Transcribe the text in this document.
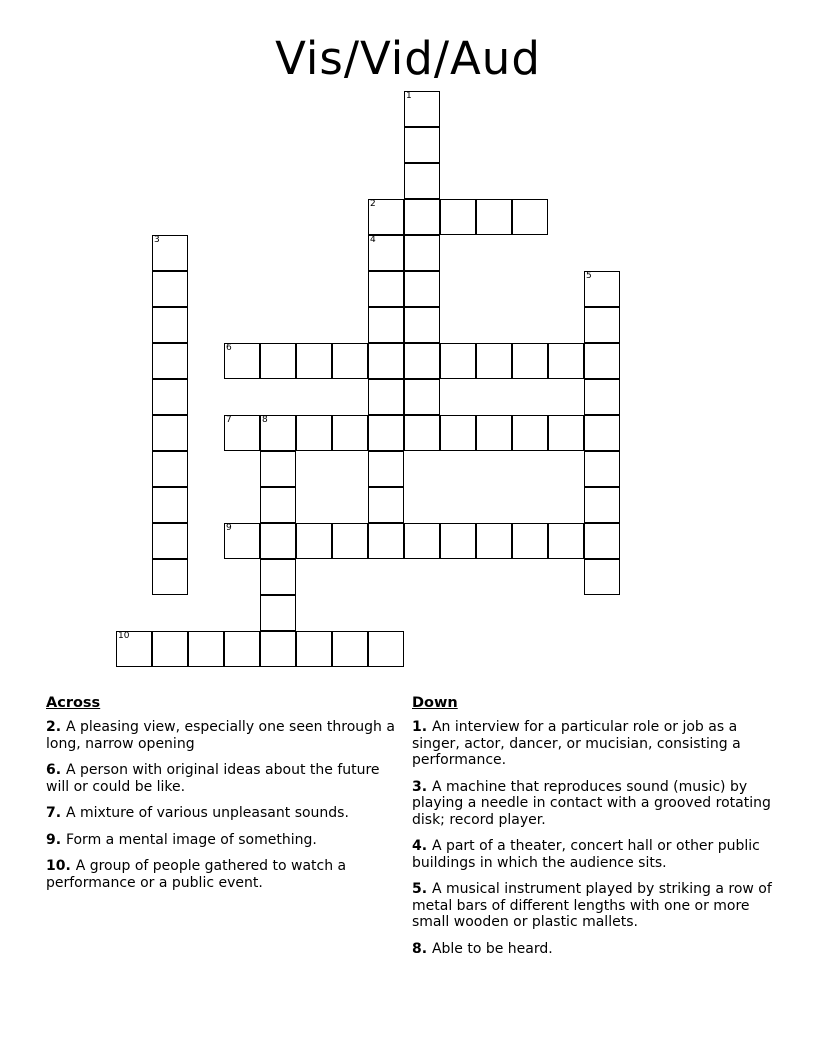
Vis/Vid/Aud
1
2
3	4
5
6
7	8
9
10
Across
2. A pleasing view, especially one seen through a long, narrow opening
6. A person with original ideas about the future will or could be like.
7. A mixture of various unpleasant sounds.
9. Form a mental image of something.
10. A group of people gathered to watch a performance or a public event.
Down
1. An interview for a particular role or job as a singer, actor, dancer, or mucisian, consisting a performance.
3. A machine that reproduces sound (music) by playing a needle in contact with a grooved rotating disk; record player.
4. A part of a theater, concert hall or other public buildings in which the audience sits.
5. A musical instrument played by striking a row of metal bars of different lengths with one or more small wooden or plastic mallets.
8. Able to be heard.
